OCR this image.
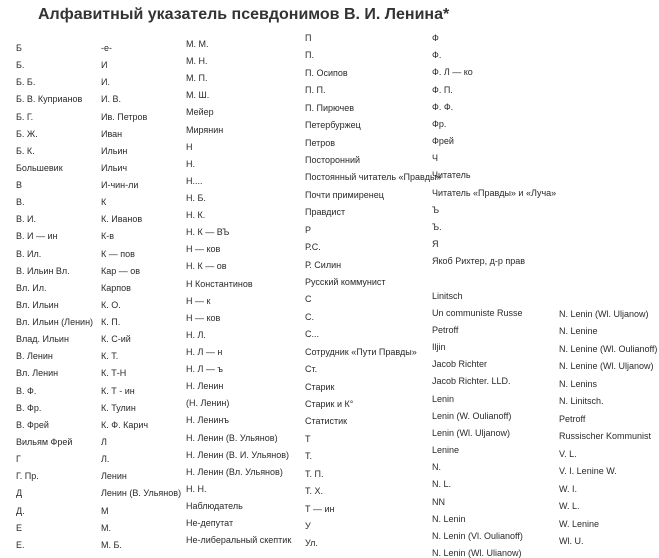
Алфавитный указатель псевдонимов В. И. Ленина*
Б
Б.
Б. Б.
Б. В. Куприанов
Б. Г.
Б. Ж.
Б. К.
Большевик
В
В.
В. И.
В. И — ин
В. Ил.
В. Ильин Вл.
Вл. Ил.
Вл. Ильин
Вл. Ильин (Ленин)
Влад. Ильин
В. Ленин
Вл. Ленин
В. Ф.
В. Фр.
В. Фрей
Вильям Фрей
Г
Г. Пр.
Д
Д.
Е
Е.
-е-
И
И.
И. В.
Ив. Петров
Иван
Ильин
Ильич
И-чин-ли
К
К. Иванов
К-в
К — пов
Кар — ов
Карпов
К. О.
К. П.
К. С-ий
К. Т.
К. Т-Н
К. Т - ин
К. Тулин
К. Ф. Карич
Л
Л.
Ленин
Ленин (В. Ульянов)
М
М.
М. Б.
М. М.
М. Н.
М. П.
М. Ш.
Мейер
Мирянин
Н
Н.
Н....
Н. Б.
Н. К.
Н. К — ВЪ
Н — ков
Н. К — ов
Н Константинов
Н — к
Н — ков
Н. Л.
Н. Л — н
Н. Л — ъ
Н. Ленин
(Н. Ленин)
Н. Ленинъ
Н. Ленин (В. Ульянов)
Н. Ленин (В. И. Ульянов)
Н. Ленин (Вл. Ульянов)
Н. Н.
Наблюдатель
Не-депутат
Не-либеральный скептик
П
П.
П. Осипов
П. П.
П. Пирючев
Петербуржец
Петров
Посторонний
Постоянный читатель «Правды»
Почти примиренец
Правдист
Р
Р.С.
Р. Силин
Русский коммунист
С
С.
С...
Сотрудник «Пути Правды»
Ст.
Старик
Старик и К°
Статистик
Т
Т.
Т. П.
Т. Х.
Т — ин
У
Ул.
Ф
Ф.
Ф. Л — ко
Ф. П.
Ф. Ф.
Фр.
Фрей
Ч
Читатель
Читатель «Правды» и «Луча»
Ъ
Ъ.
Я
Якоб Рихтер, д-р прав
Linitsch
Un communiste Russe
Petroff
Iljin
Jacob Richter
Jacob Richter. LLD.
Lenin
Lenin (W. Oulianoff)
Lenin (Wl. Uljanow)
Lenine
N.
N. L.
NN
N. Lenin
N. Lenin (Vl. Oulianoff)
N. Lenin (Wl. Ulianow)
N. Lenin (Wl. Uljanow)
N. Lenine
N. Lenine (Wl. Oulianoff)
N. Lenine (Wl. Uljanow)
N. Lenins
N. Linitsch.
Petroff
Russischer Kommunist
V. L.
V. I. Lenine W.
W. I.
W. L.
W. Lenine
Wl. U.
